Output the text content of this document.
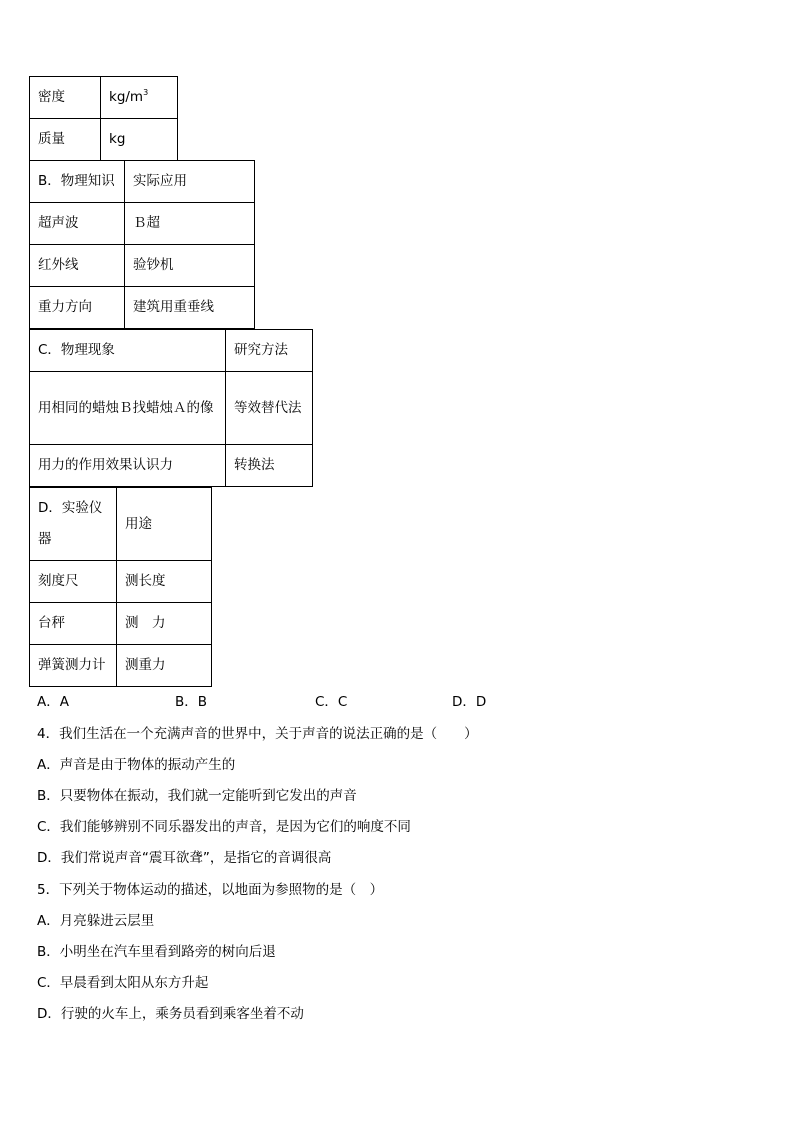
密度	$kg/m^3$
质量	kg
B．物理知识	实际应用
超声波	Ｂ超
红外线	验钞机
重力方向	建筑用重垂线
C．物理现象	研究方法
用相同的蜡烛Ｂ找蜡烛Ａ的像	等效替代法
用力的作用效果认识力	转换法
D．实验仪器	用途
刻度尺	测长度
台秤	测　力
弹簧测力计	测重力
A．A	B．B	C．C	D．D
4．我们生活在一个充满声音的世界中，关于声音的说法正确的是（　　）
A．声音是由于物体的振动产生的
B．只要物体在振动，我们就一定能听到它发出的声音
C．我们能够辨别不同乐器发出的声音，是因为它们的响度不同
D．我们常说声音“震耳欲聋”，是指它的音调很高
5．下列关于物体运动的描述，以地面为参照物的是（　）
A．月亮躲进云层里
B．小明坐在汽车里看到路旁的树向后退
C．早晨看到太阳从东方升起
D．行驶的火车上，乘务员看到乘客坐着不动
